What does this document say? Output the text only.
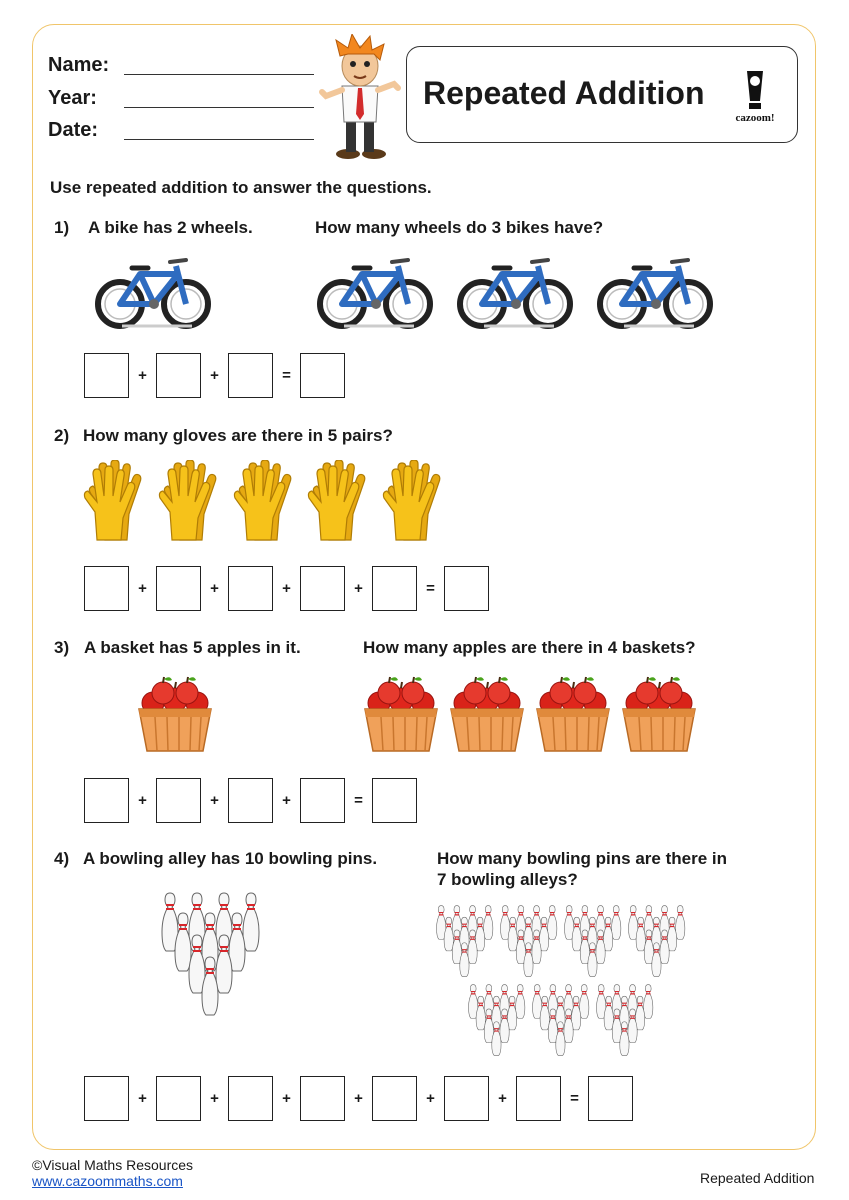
Name:
Year:
Date:
Repeated Addition
cazoom!
Use repeated addition to answer the questions.
1) A bike has 2 wheels.	How many wheels do 3 bikes have?
+	+	=
2) How many gloves are there in 5 pairs?
+	+	+	+	=
3) A basket has 5 apples in it.	How many apples are there in 4 baskets?
+	+	+	=
4) A bowling alley has 10 bowling pins.	How many bowling pins are there in
7 bowling alleys?
+	+	+	+	+	+	=
©Visual Maths Resources
www.cazoommaths.com	Repeated Addition
